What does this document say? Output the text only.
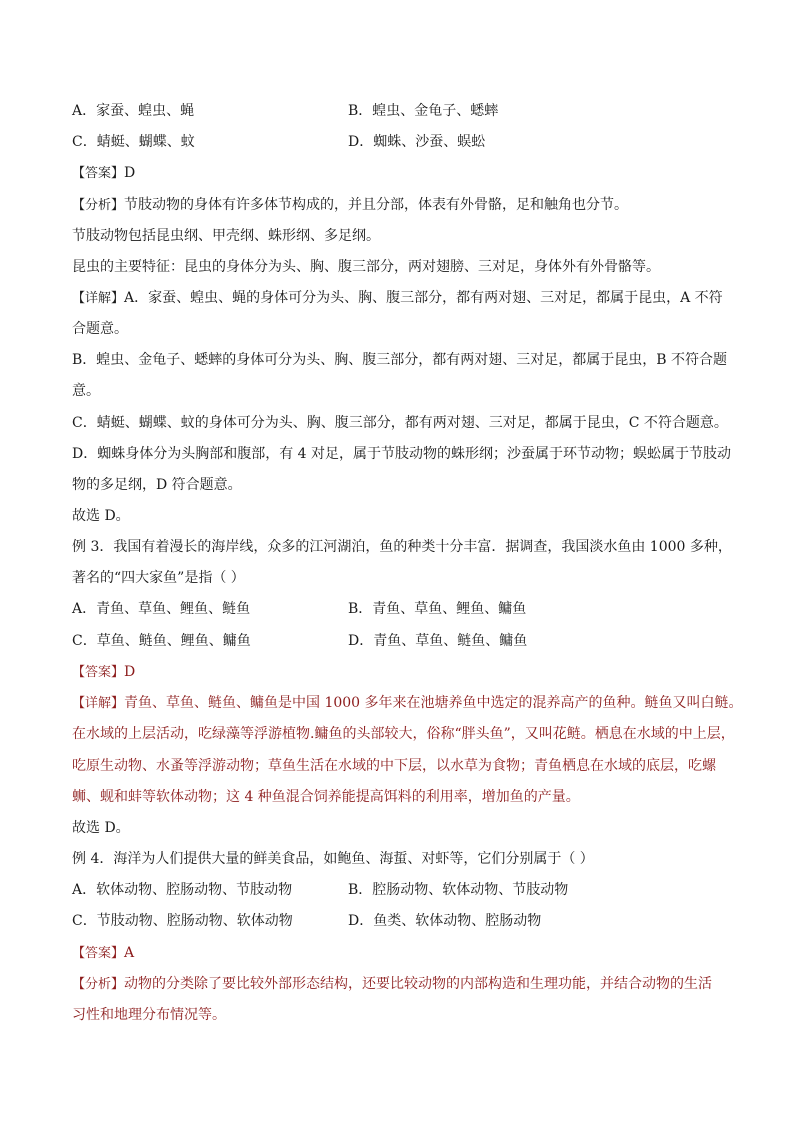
A．家蚕、蝗虫、蝇	B．蝗虫、金龟子、蟋蟀
C．蜻蜓、蝴蝶、蚊	D．蜘蛛、沙蚕、蜈蚣
【答案】D
【分析】节肢动物的身体有许多体节构成的，并且分部，体表有外骨骼，足和触角也分节。
节肢动物包括昆虫纲、甲壳纲、蛛形纲、多足纲。
昆虫的主要特征：昆虫的身体分为头、胸、腹三部分，两对翅膀、三对足，身体外有外骨骼等。
【详解】A．家蚕、蝗虫、蝇的身体可分为头、胸、腹三部分，都有两对翅、三对足，都属于昆虫，A 不符
合题意。
B．蝗虫、金龟子、蟋蟀的身体可分为头、胸、腹三部分，都有两对翅、三对足，都属于昆虫，B 不符合题
意。
C．蜻蜓、蝴蝶、蚊的身体可分为头、胸、腹三部分，都有两对翅、三对足，都属于昆虫，C 不符合题意。
D．蜘蛛身体分为头胸部和腹部，有 4 对足，属于节肢动物的蛛形纲；沙蚕属于环节动物；蜈蚣属于节肢动
物的多足纲，D 符合题意。
故选 D。
例 3．我国有着漫长的海岸线，众多的江河湖泊，鱼的种类十分丰富．据调查，我国淡水鱼由 1000 多种，
著名的“四大家鱼”是指（ ）
A．青鱼、草鱼、鲤鱼、鲢鱼	B．青鱼、草鱼、鲤鱼、鳙鱼
C．草鱼、鲢鱼、鲤鱼、鳙鱼	D．青鱼、草鱼、鲢鱼、鳙鱼
【答案】D
【详解】青鱼、草鱼、鲢鱼、鳙鱼是中国 1000 多年来在池塘养鱼中选定的混养高产的鱼种。鲢鱼又叫白鲢。
在水域的上层活动，吃绿藻等浮游植物.鳙鱼的头部较大，俗称“胖头鱼”，又叫花鲢。栖息在水域的中上层，
吃原生动物、水蚤等浮游动物；草鱼生活在水域的中下层，以水草为食物；青鱼栖息在水域的底层，吃螺
蛳、蚬和蚌等软体动物；这 4 种鱼混合饲养能提高饵料的利用率，增加鱼的产量。
故选 D。
例 4．海洋为人们提供大量的鲜美食品，如鲍鱼、海蜇、对虾等，它们分别属于（ ）
A．软体动物、腔肠动物、节肢动物	B．腔肠动物、软体动物、节肢动物
C．节肢动物、腔肠动物、软体动物	D．鱼类、软体动物、腔肠动物
【答案】A
【分析】动物的分类除了要比较外部形态结构，还要比较动物的内部构造和生理功能，并结合动物的生活
习性和地理分布情况等。
